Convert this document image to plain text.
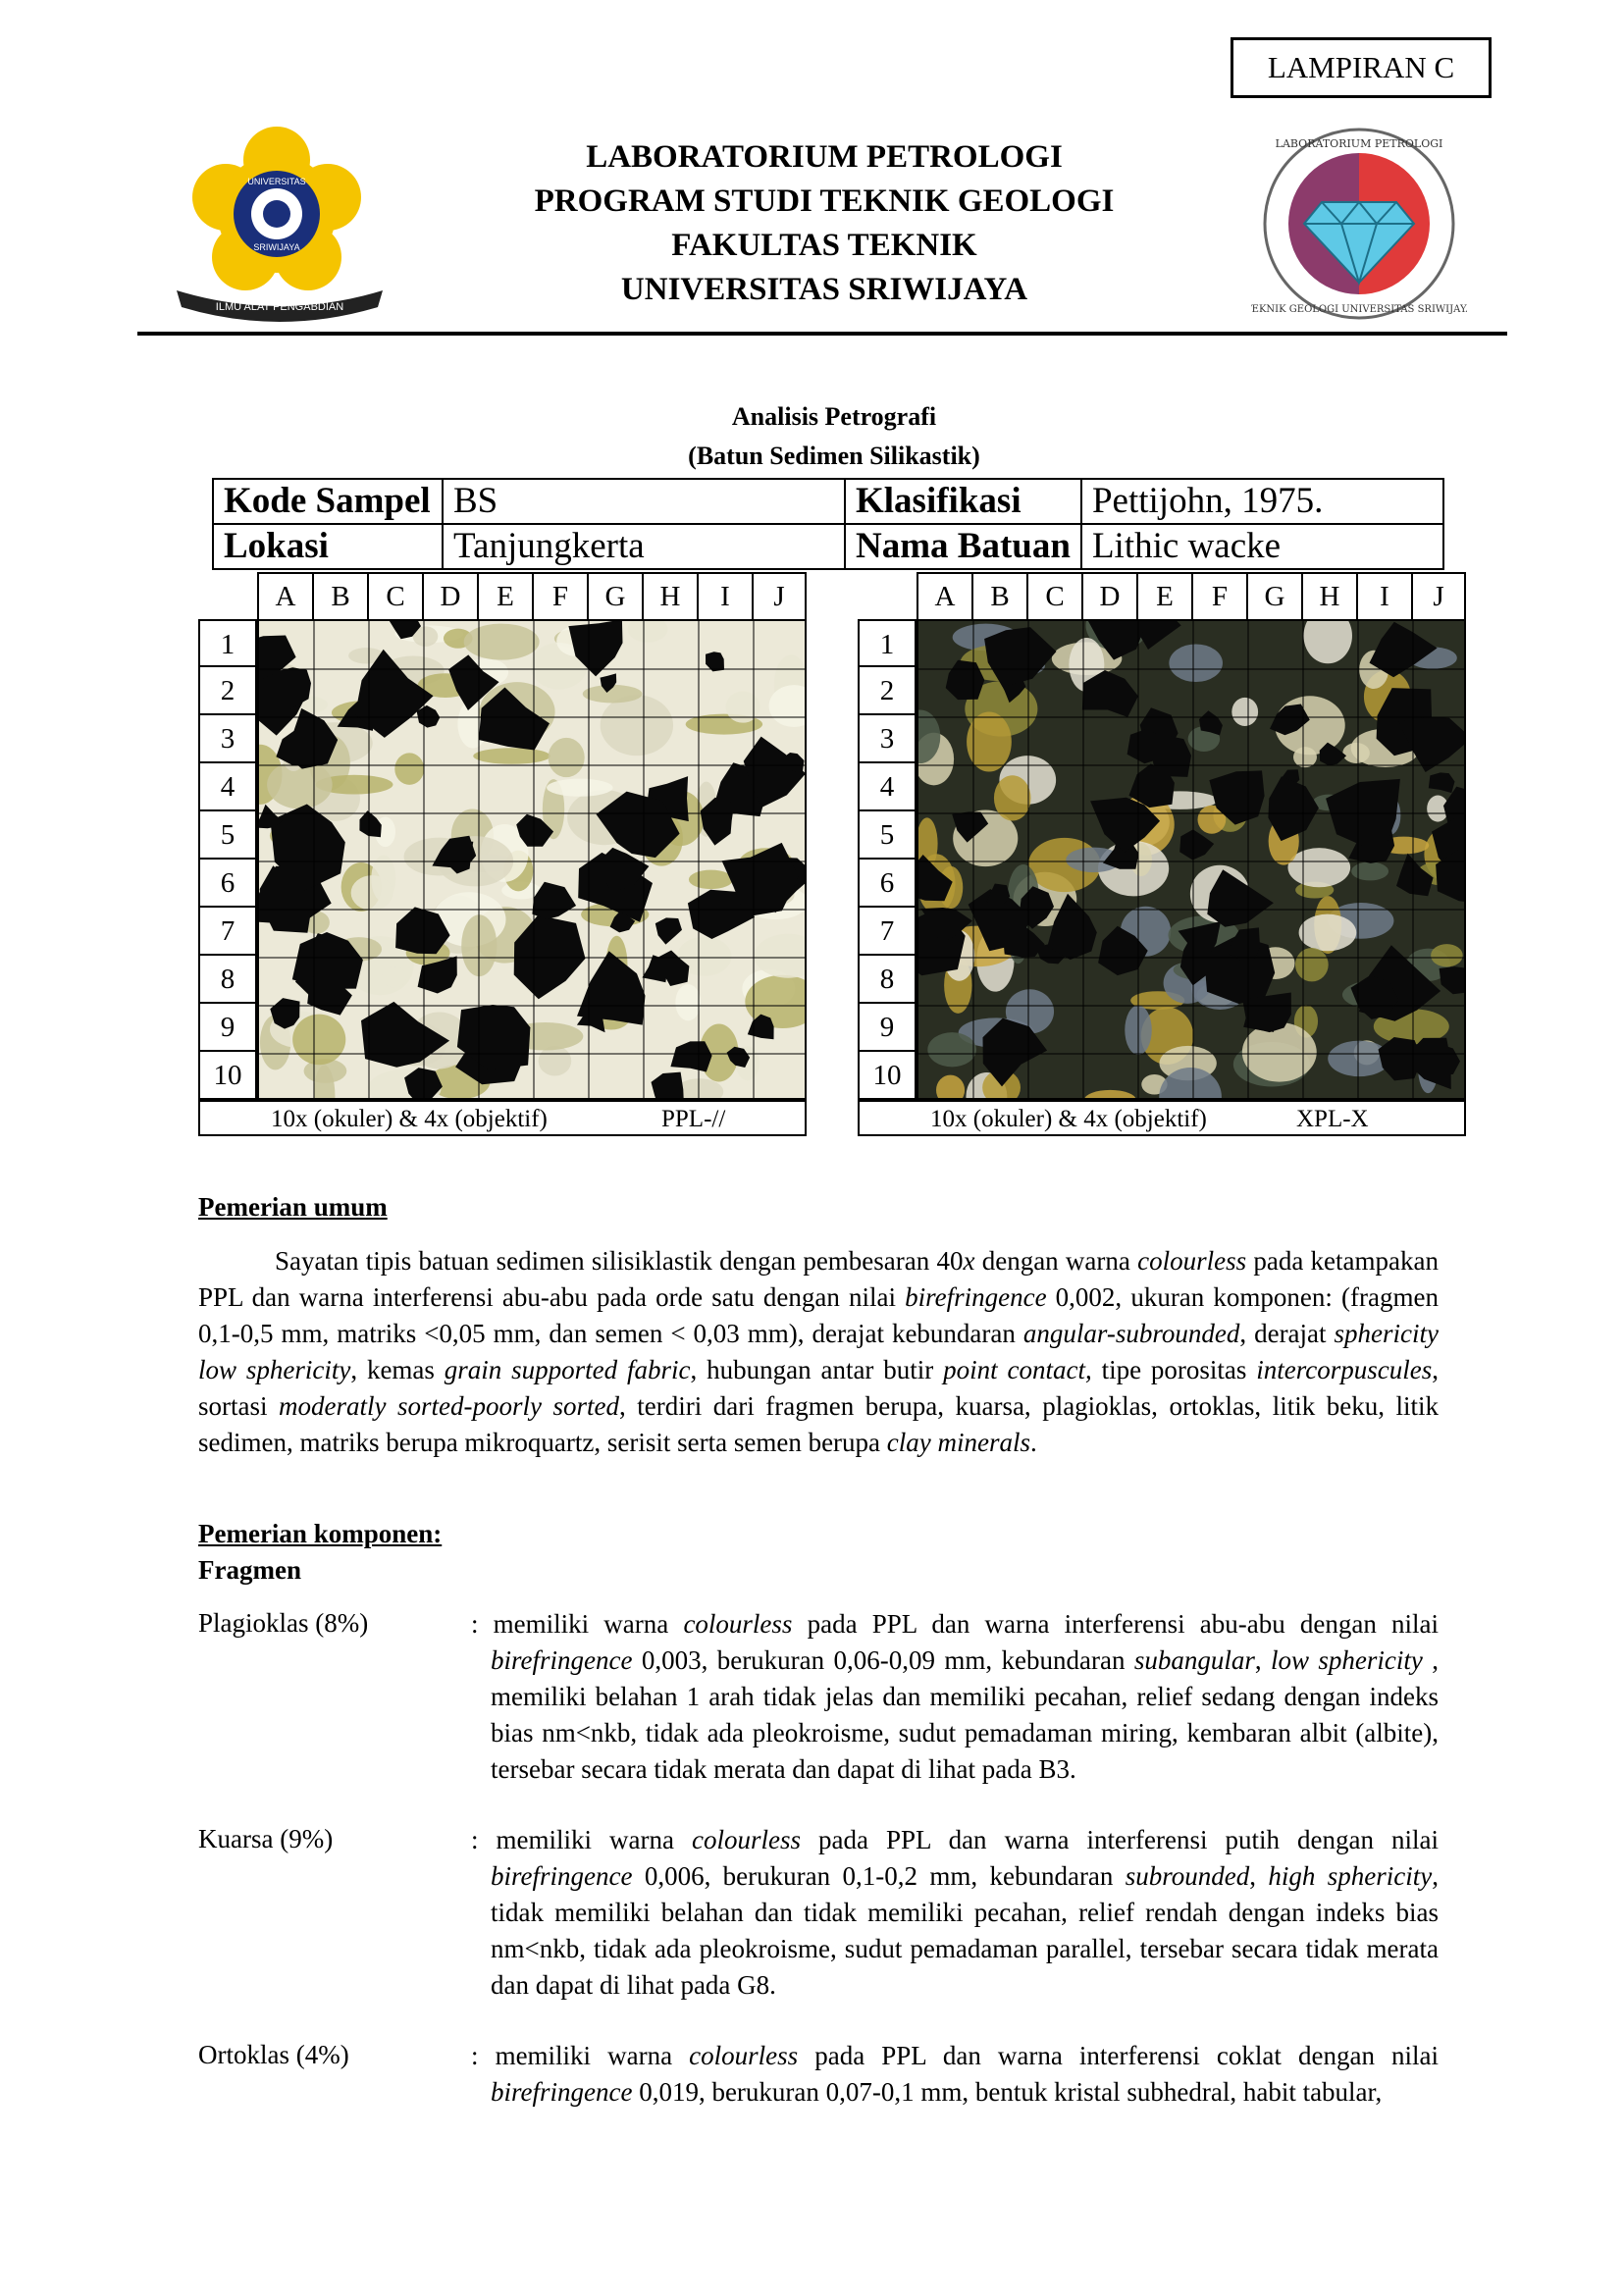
LAMPIRAN C
UNIVERSITAS
SRIWIJAYA
ILMU ALAT PENGABDIAN
LABORATORIUM PETROLOGI
PROGRAM STUDI TEKNIK GEOLOGI
FAKULTAS TEKNIK
UNIVERSITAS SRIWIJAYA
LABORATORIUM PETROLOGI
TEKNIK GEOLOGI UNIVERSITAS SRIWIJAYA
Analisis Petrografi
(Batun Sedimen Silikastik)
Kode Sampel	BS	Klasifikasi	Pettijohn, 1975.
Lokasi	Tanjungkerta	Nama Batuan	Lithic wacke
A	B	C	D	E	F	G	H	I	J
1
2
3
4
5
6
7
8
9
10
10x (okuler) & 4x (objektif)	PPL-//
A	B	C	D	E	F	G	H	I	J
1
2
3
4
5
6
7
8
9
10
10x (okuler) & 4x (objektif)	XPL-X
Pemerian umum
Sayatan tipis batuan sedimen silisiklastik dengan pembesaran 40x dengan warna colourless pada ketampakan PPL dan warna interferensi abu-abu pada orde satu dengan nilai birefringence 0,002, ukuran komponen: (fragmen 0,1-0,5 mm, matriks <0,05 mm, dan semen < 0,03 mm), derajat kebundaran angular-subrounded, derajat sphericity low sphericity, kemas grain supported fabric, hubungan antar butir point contact, tipe porositas intercorpuscules, sortasi moderatly sorted-poorly sorted, terdiri dari fragmen berupa, kuarsa, plagioklas, ortoklas, litik beku, litik sedimen, matriks berupa mikroquartz, serisit serta semen berupa clay minerals.
Pemerian komponen:
Fragmen
Plagioklas (8%)	: memiliki warna colourless pada PPL dan warna interferensi abu-abu dengan nilai birefringence 0,003, berukuran 0,06-0,09 mm, kebundaran subangular, low sphericity , memiliki belahan 1 arah tidak jelas dan memiliki pecahan, relief sedang dengan indeks bias nm<nkb, tidak ada pleokroisme, sudut pemadaman miring, kembaran albit (albite), tersebar secara tidak merata dan dapat di lihat pada B3.
Kuarsa (9%)	: memiliki warna colourless pada PPL dan warna interferensi putih dengan nilai birefringence 0,006, berukuran 0,1-0,2 mm, kebundaran subrounded, high sphericity, tidak memiliki belahan dan tidak memiliki pecahan, relief rendah dengan indeks bias nm<nkb, tidak ada pleokroisme, sudut pemadaman parallel, tersebar secara tidak merata dan dapat di lihat pada G8.
Ortoklas (4%)	: memiliki warna colourless pada PPL dan warna interferensi coklat dengan nilai birefringence 0,019, berukuran 0,07-0,1 mm, bentuk kristal subhedral, habit tabular,
